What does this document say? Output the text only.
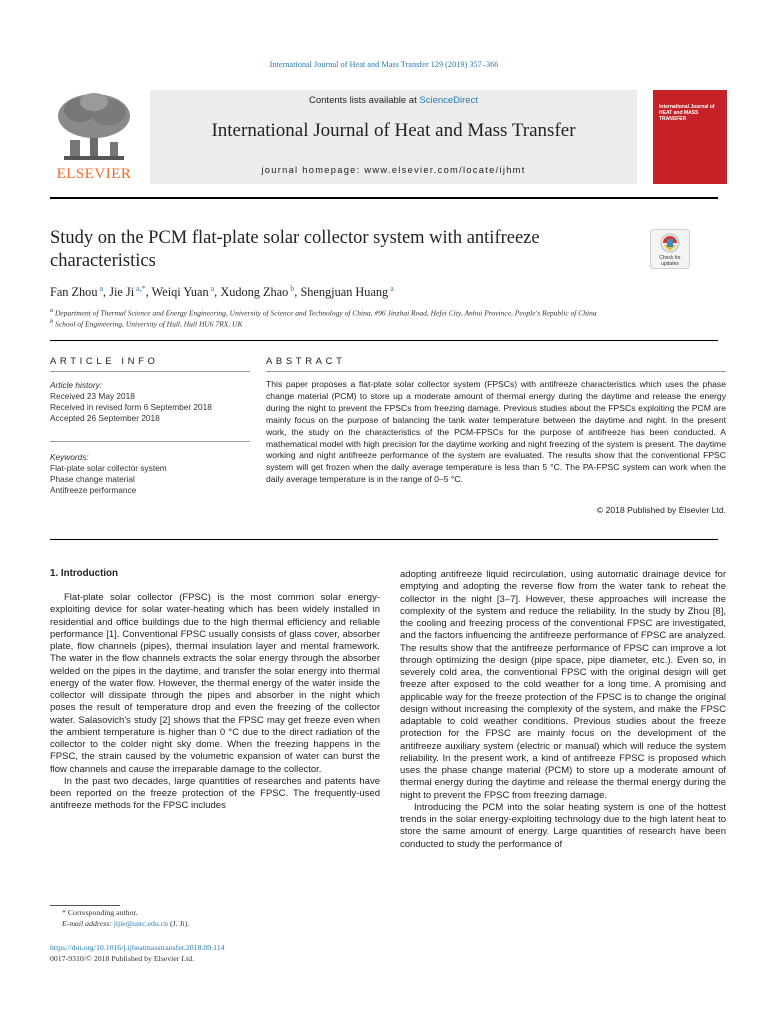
International Journal of Heat and Mass Transfer 129 (2019) 357–366
ELSEVIER
Contents lists available at ScienceDirect
International Journal of Heat and Mass Transfer
journal homepage: www.elsevier.com/locate/ijhmt
International Journal of HEAT and MASS TRANSFER
Study on the PCM flat-plate solar collector system with antifreeze characteristics	Check for updates
Fan Zhou $^a$, Jie Ji $^{a,*}$, Weiqi Yuan $^a$, Xudong Zhao $^b$, Shengjuan Huang $^a$
$^a$ Department of Thermal Science and Energy Engineering, University of Science and Technology of China, #96 Jinzhai Road, Hefei City, Anhui Province, People's Republic of China
$^b$ School of Engineering, University of Hull, Hull HU6 7RX, UK
ARTICLE INFO
Article history:
Received 23 May 2018
Received in revised form 6 September 2018
Accepted 26 September 2018
Keywords:
Flat-plate solar collector system
Phase change material
Antifreeze performance
ABSTRACT
This paper proposes a flat-plate solar collector system (FPSCs) with antifreeze characteristics which uses the phase change material (PCM) to store up a moderate amount of thermal energy during the daytime and release the energy during the night to prevent the FPSCs from freezing damage. Previous studies about the FPSCs exploiting the PCM are mainly focus on the purpose of balancing the tank water temperature between the daytime and night. In the present work, the study on the characteristics of the PCM-FPSCs for the purpose of antifreeze has been conducted. A mathematical model with high precision for the daytime working and night freezing of the system is present. The daytime working and night antifreeze performance of the system are evaluated. The results show that the conventional FPSC system will get frozen when the daily average temperature is less than 5 °C. The PA-FPSC system can work when the daily average temperature is in the range of 0–5 °C.
© 2018 Published by Elsevier Ltd.
1. Introduction

Flat-plate solar collector (FPSC) is the most common solar energy-exploiting device for solar water-heating which has been widely installed in residential and office buildings due to the high thermal efficiency and reliable performance [1]. Conventional FPSC usually consists of glass cover, absorber plate, flow channels (pipes), thermal insulation layer and mental framework. The water in the flow channels extracts the solar energy through the absorber welded on the pipes in the daytime, and transfer the solar energy into thermal energy of the water flow. However, the thermal energy of the water inside the collector will dissipate through the pipes and absorber in the night which poses the result of temperature drop and even the freezing of the collector water. Salasovich's study [2] shows that the FPSC may get freeze even when the ambient temperature is higher than 0 °C due to the direct radiation of the collector to the colder night sky dome. When the freezing happens in the FPSC, the strain caused by the volumetric expansion of water can burst the flow channels and cause the irreparable damage to the collector.

In the past two decades, large quantities of researches and patents have been reported on the freeze protection of the FPSC. The frequently-used antifreeze methods for the FPSC includes

adopting antifreeze liquid recirculation, using automatic drainage device for emptying and adopting the reverse flow from the water tank to reheat the collector in the night [3–7]. However, these approaches will increase the complexity of the system and reduce the reliability. In the study by Zhou [8], the cooling and freezing process of the conventional FPSC are investigated, and the factors influencing the antifreeze performance of FPSC are analyzed. The results show that the antifreeze performance of FPSC can improve a lot through optimizing the design (pipe space, pipe diameter, etc.). Even so, in severely cold area, the conventional FPSC with the original design will get freeze after exposed to the cold weather for a long time. A promising and applicable way for the freeze protection of the FPSC is to change the original design without increasing the complexity of the system, and make the FPSC adaptable to cold weather conditions. Previous studies about the freeze protection for the FPSC are mainly focus on the development of the antifreeze auxiliary system (electric or manual) which will reduce the system reliability. In the present work, a kind of antifreeze FPSC is proposed which uses the phase change material (PCM) to store up a moderate amount of thermal energy during the daytime and release the thermal energy during the night to prevent the FPSC from freezing damage.

Introducing the PCM into the solar heating system is one of the hottest trends in the solar energy-exploiting technology due to the high latent heat to store the same amount of energy. Large quantities of research have been conducted to study the performance of

* Corresponding author.
E-mail address: jijie@ustc.edu.cn (J. Ji).
https://doi.org/10.1016/j.ijheatmasstransfer.2018.09.114
0017-9310/© 2018 Published by Elsevier Ltd.
